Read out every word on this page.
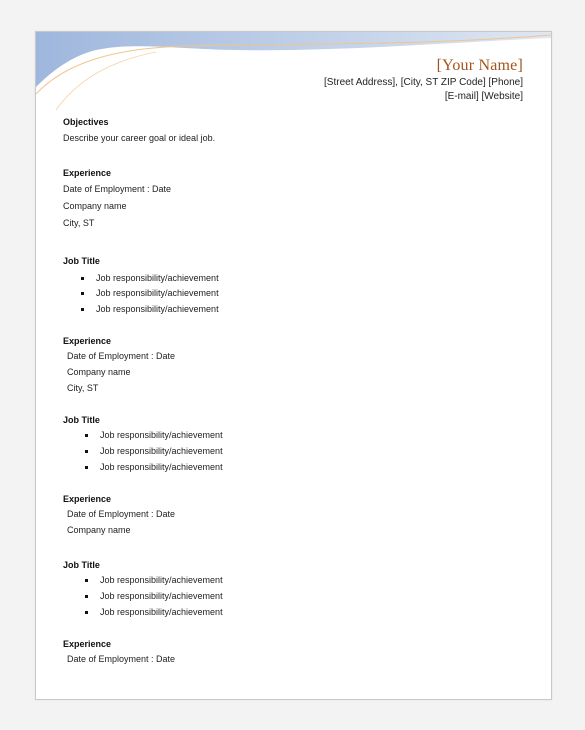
[Your Name]
[Street Address], [City, ST ZIP Code] [Phone]
[E-mail] [Website]
Objectives
Describe your career goal or ideal job.
Experience
Date of Employment : Date
Company name
City, ST
Job Title
Job responsibility/achievement
Job responsibility/achievement
Job responsibility/achievement
Experience
Date of Employment : Date
Company name
City, ST
Job Title
Job responsibility/achievement
Job responsibility/achievement
Job responsibility/achievement
Experience
Date of Employment : Date
Company name
Job Title
Job responsibility/achievement
Job responsibility/achievement
Job responsibility/achievement
Experience
Date of Employment : Date
